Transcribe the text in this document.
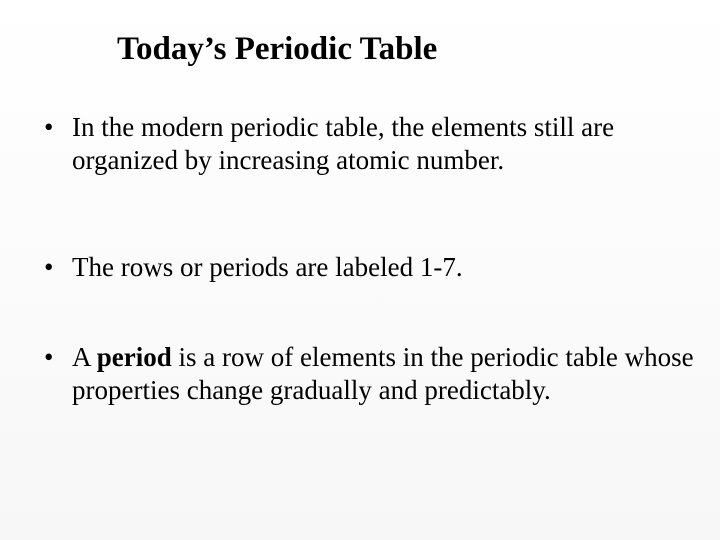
Today’s Periodic Table
• In the modern periodic table, the elements still are organized by increasing atomic number.
• The rows or periods are labeled 1-7.
• A period is a row of elements in the periodic table whose properties change gradually and predictably.
